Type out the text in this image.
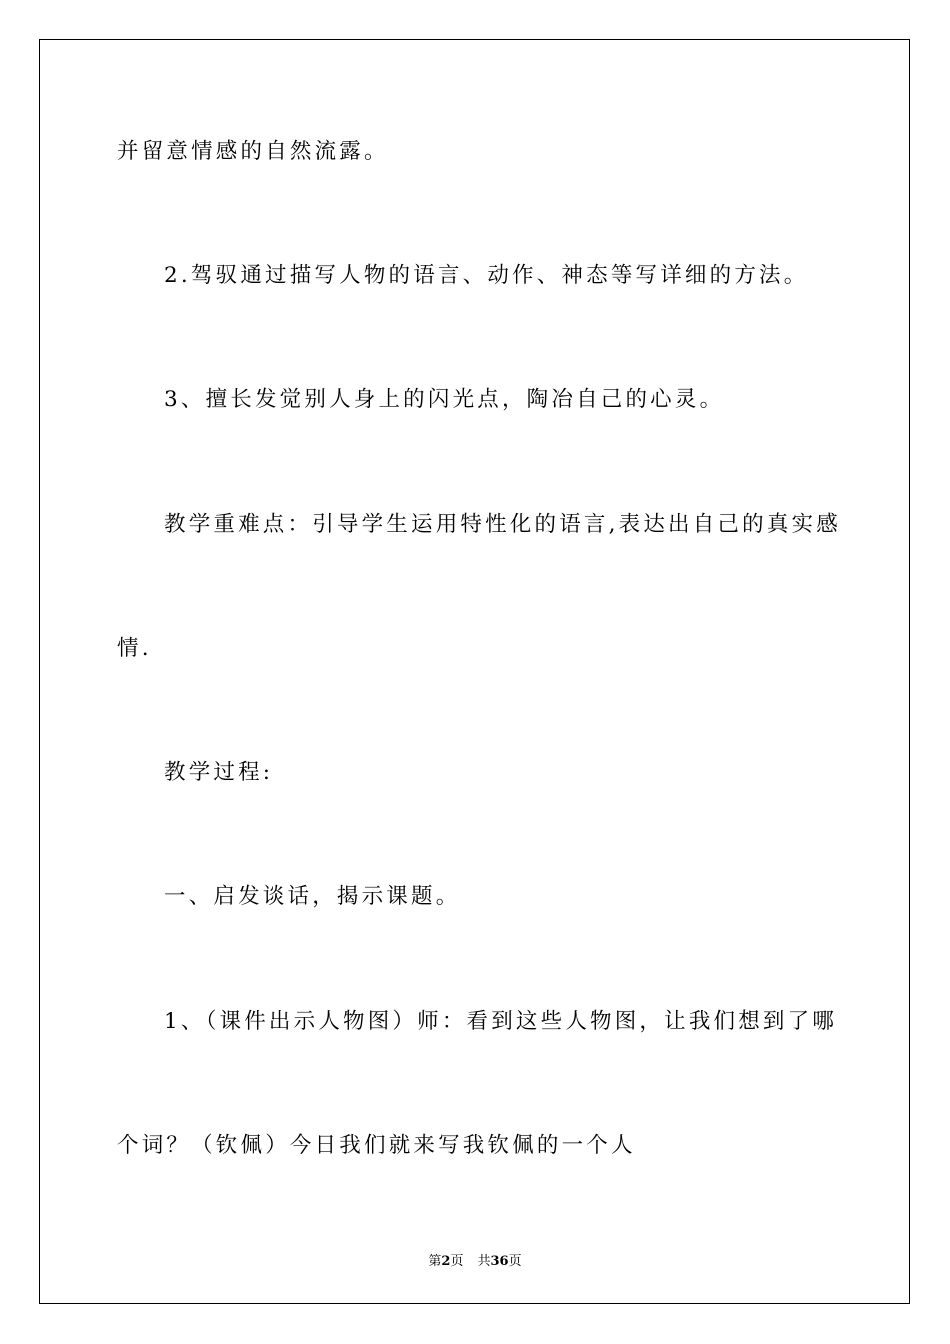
并留意情感的自然流露。
2.驾驭通过描写人物的语言、动作、神态等写详细的方法。
3、擅长发觉别人身上的闪光点，陶冶自己的心灵。
教学重难点：引导学生运用特性化的语言,表达出自己的真实感
情.
教学过程:
一、启发谈话，揭示课题。
1、（课件出示人物图）师：看到这些人物图，让我们想到了哪
个词？（钦佩）今日我们就来写我钦佩的一个人
第2页 共36页
